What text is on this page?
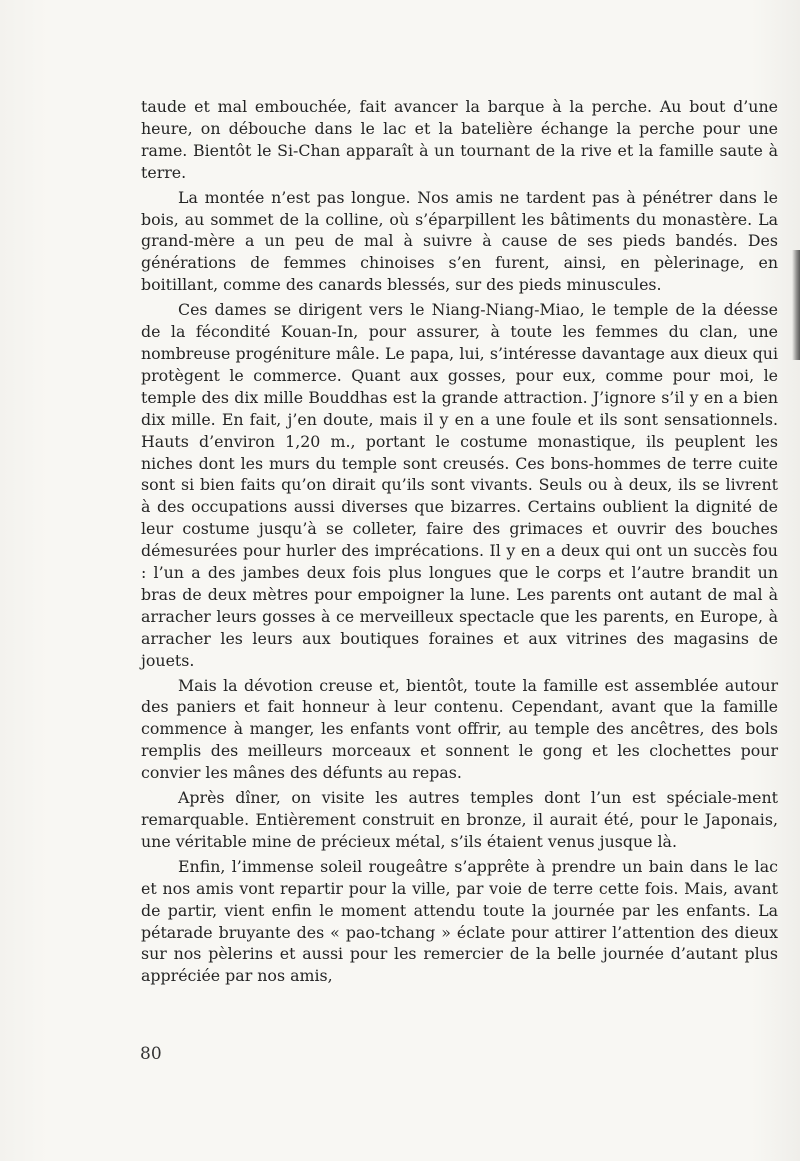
taude et mal embouchée, fait avancer la barque à la perche. Au bout d’une heure, on débouche dans le lac et la batelière échange la perche pour une rame. Bientôt le Si-Chan apparaît à un tournant de la rive et la famille saute à terre.

La montée n’est pas longue. Nos amis ne tardent pas à pénétrer dans le bois, au sommet de la colline, où s’éparpillent les bâtiments du monastère. La grand-mère a un peu de mal à suivre à cause de ses pieds bandés. Des générations de femmes chinoises s’en furent, ainsi, en pèlerinage, en boitillant, comme des canards blessés, sur des pieds minuscules.

Ces dames se dirigent vers le Niang-Niang-Miao, le temple de la déesse de la fécondité Kouan-In, pour assurer, à toute les femmes du clan, une nombreuse progéniture mâle. Le papa, lui, s’intéresse davantage aux dieux qui protègent le commerce. Quant aux gosses, pour eux, comme pour moi, le temple des dix mille Bouddhas est la grande attraction. J’ignore s’il y en a bien dix mille. En fait, j’en doute, mais il y en a une foule et ils sont sensationnels. Hauts d’environ 1,20 m., portant le costume monastique, ils peuplent les niches dont les murs du temple sont creusés. Ces bons-hommes de terre cuite sont si bien faits qu’on dirait qu’ils sont vivants. Seuls ou à deux, ils se livrent à des occupations aussi diverses que bizarres. Certains oublient la dignité de leur costume jusqu’à se colleter, faire des grimaces et ouvrir des bouches démesurées pour hurler des imprécations. Il y en a deux qui ont un succès fou : l’un a des jambes deux fois plus longues que le corps et l’autre brandit un bras de deux mètres pour empoigner la lune. Les parents ont autant de mal à arracher leurs gosses à ce merveilleux spectacle que les parents, en Europe, à arracher les leurs aux boutiques foraines et aux vitrines des magasins de jouets.

Mais la dévotion creuse et, bientôt, toute la famille est assemblée autour des paniers et fait honneur à leur contenu. Cependant, avant que la famille commence à manger, les enfants vont offrir, au temple des ancêtres, des bols remplis des meilleurs morceaux et sonnent le gong et les clochettes pour convier les mânes des défunts au repas.

Après dîner, on visite les autres temples dont l’un est spéciale-ment remarquable. Entièrement construit en bronze, il aurait été, pour le Japonais, une véritable mine de précieux métal, s’ils étaient venus jusque là.

Enfin, l’immense soleil rougeâtre s’apprête à prendre un bain dans le lac et nos amis vont repartir pour la ville, par voie de terre cette fois. Mais, avant de partir, vient enfin le moment attendu toute la journée par les enfants. La pétarade bruyante des « pao-tchang » éclate pour attirer l’attention des dieux sur nos pèlerins et aussi pour les remercier de la belle journée d’autant plus appréciée par nos amis,

80
